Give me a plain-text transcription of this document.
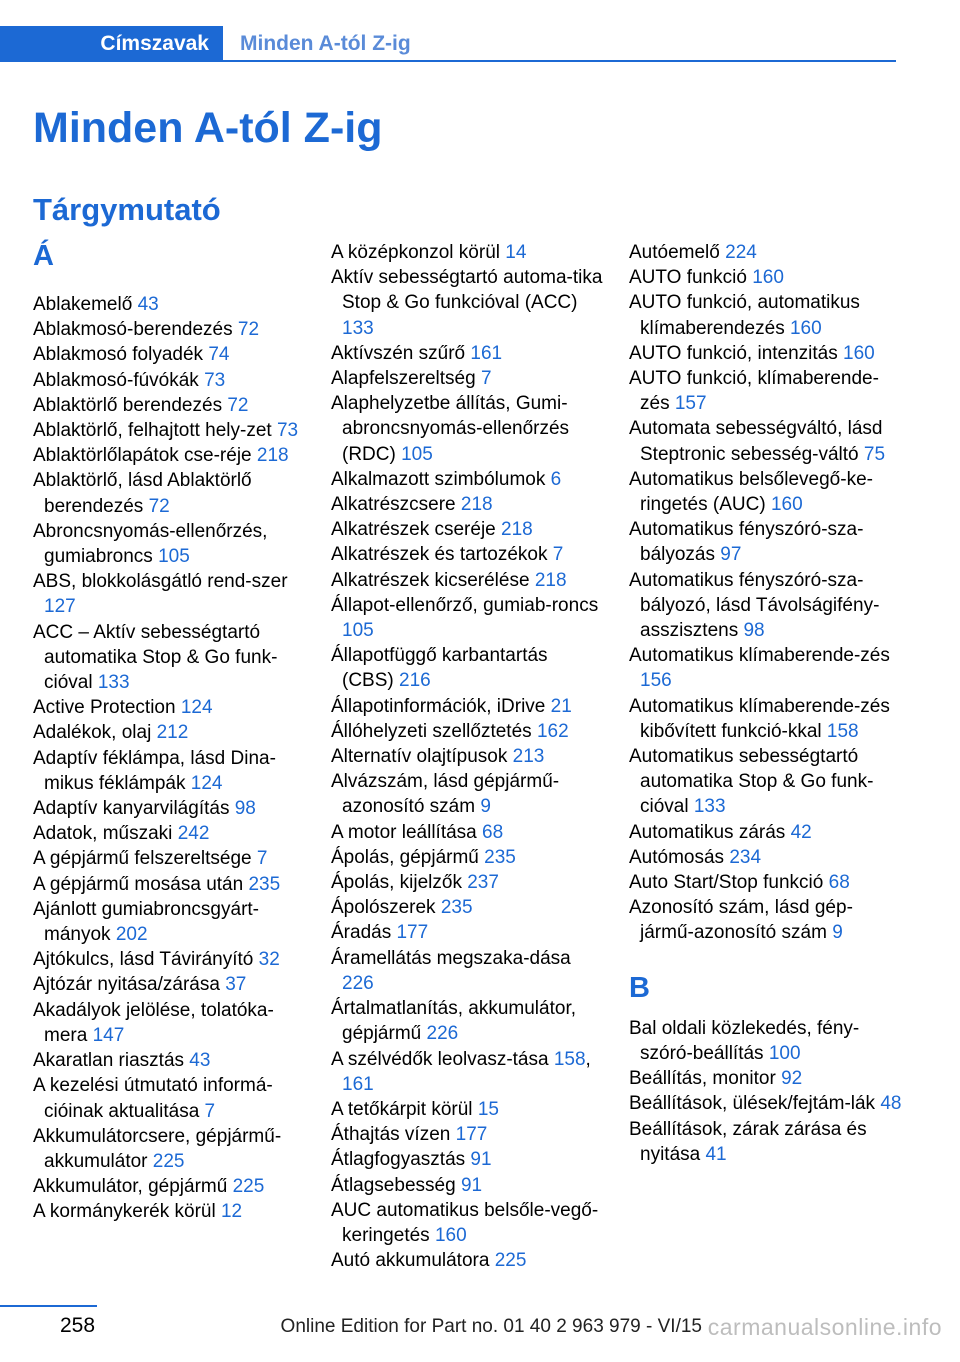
Címszavak	Minden A-tól Z-ig
Minden A-tól Z-ig
Tárgymutató
Á
Ablakemelő 43
Ablakmosó-berendezés 72
Ablakmosó folyadék 74
Ablakmosó-fúvókák 73
Ablaktörlő berendezés 72
Ablaktörlő, felhajtott hely-zet 73
Ablaktörlőlapátok cse-réje 218
Ablaktörlő, lásd Ablaktörlő berendezés 72
Abroncsnyomás-ellenőrzés, gumiabroncs 105
ABS, blokkolásgátló rend-szer 127
ACC – Aktív sebességtartó automatika Stop & Go funk-cióval 133
Active Protection 124
Adalékok, olaj 212
Adaptív féklámpa, lásd Dina-mikus féklámpák 124
Adaptív kanyarvilágítás 98
Adatok, műszaki 242
A gépjármű felszereltsége 7
A gépjármű mosása után 235
Ajánlott gumiabroncsgyárt-mányok 202
Ajtókulcs, lásd Távirányító 32
Ajtózár nyitása/zárása 37
Akadályok jelölése, tolatóka-mera 147
Akaratlan riasztás 43
A kezelési útmutató informá-cióinak aktualitása 7
Akkumulátorcsere, gépjármű-akkumulátor 225
Akkumulátor, gépjármű 225
A kormánykerék körül 12
A középkonzol körül 14
Aktív sebességtartó automa-tika Stop & Go funkcióval (ACC) 133
Aktívszén szűrő 161
Alapfelszereltség 7
Alaphelyzetbe állítás, Gumi-abroncsnyomás-ellenőrzés (RDC) 105
Alkalmazott szimbólumok 6
Alkatrészcsere 218
Alkatrészek cseréje 218
Alkatrészek és tartozékok 7
Alkatrészek kicserélése 218
Állapot-ellenőrző, gumiab-roncs 105
Állapotfüggő karbantartás (CBS) 216
Állapotinformációk, iDrive 21
Állóhelyzeti szellőztetés 162
Alternatív olajtípusok 213
Alvázszám, lásd gépjármű-azonosító szám 9
A motor leállítása 68
Ápolás, gépjármű 235
Ápolás, kijelzők 237
Ápolószerek 235
Áradás 177
Áramellátás megszaka-dása 226
Ártalmatlanítás, akkumulátor, gépjármű 226
A szélvédők leolvasz-tása 158, 161
A tetőkárpit körül 15
Áthajtás vízen 177
Átlagfogyasztás 91
Átlagsebesség 91
AUC automatikus belsőle-vegő-keringetés 160
Autó akkumulátora 225
Autóemelő 224
AUTO funkció 160
AUTO funkció, automatikus klímaberendezés 160
AUTO funkció, intenzitás 160
AUTO funkció, klímaberende-zés 157
Automata sebességváltó, lásd Steptronic sebesség-váltó 75
Automatikus belsőlevegő-ke-ringetés (AUC) 160
Automatikus fényszóró-sza-bályozás 97
Automatikus fényszóró-sza-bályozó, lásd Távolságifény-asszisztens 98
Automatikus klímaberende-zés 156
Automatikus klímaberende-zés kibővített funkció-kkal 158
Automatikus sebességtartó automatika Stop & Go funk-cióval 133
Automatikus zárás 42
Autómosás 234
Auto Start/Stop funkció 68
Azonosító szám, lásd gép-jármű-azonosító szám 9
B
Bal oldali közlekedés, fény-szóró-beállítás 100
Beállítás, monitor 92
Beállítások, ülések/fejtám-lák 48
Beállítások, zárak zárása és nyitása 41
258	Online Edition for Part no. 01 40 2 963 979 - VI/15 carmanualsonline.info
